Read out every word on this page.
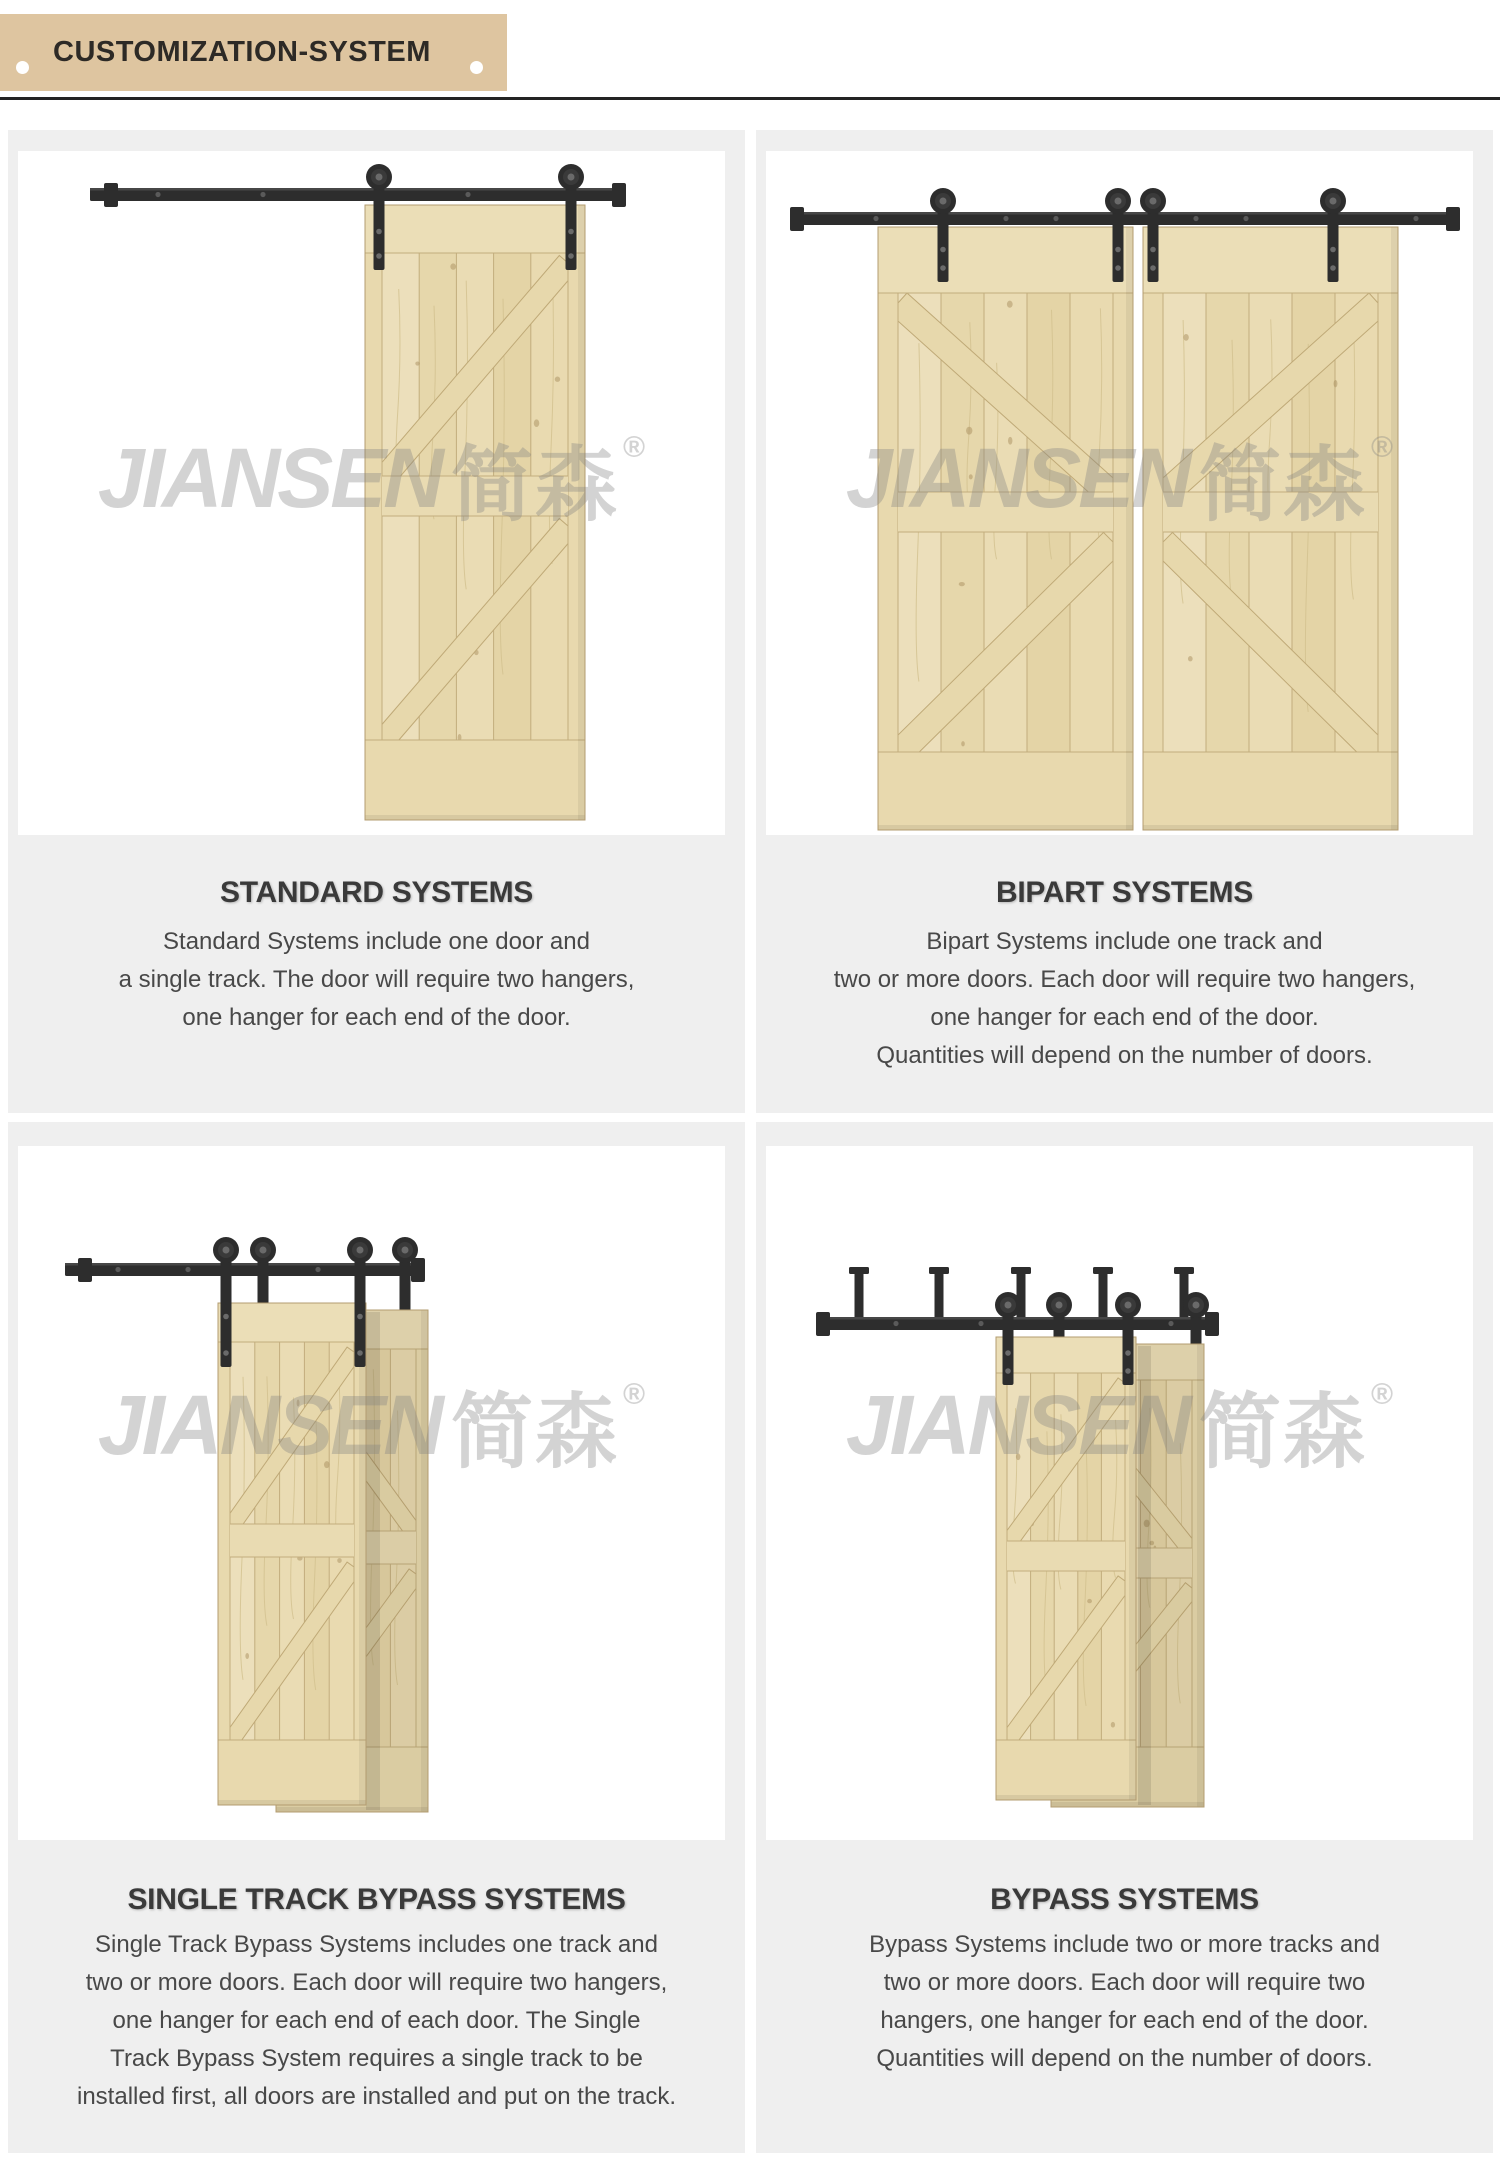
CUSTOMIZATION-SYSTEM
JIANSEN 简森 ®
STANDARD SYSTEMS
Standard Systems include one door and
a single track. The door will require two hangers,
one hanger for each end of the door.
JIANSEN 简森 ®
BIPART SYSTEMS
Bipart Systems include one track and
two or more doors. Each door will require two hangers,
one hanger for each end of the door.
Quantities will depend on the number of doors.
JIANSEN 简森 ®
SINGLE TRACK BYPASS SYSTEMS
Single Track Bypass Systems includes one track and
two or more doors. Each door will require two hangers,
one hanger for each end of each door. The Single
Track Bypass System requires a single track to be
installed first, all doors are installed and put on the track.
JIANSEN 简森 ®
BYPASS SYSTEMS
Bypass Systems include two or more tracks and
two or more doors. Each door will require two
hangers, one hanger for each end of the door.
Quantities will depend on the number of doors.
